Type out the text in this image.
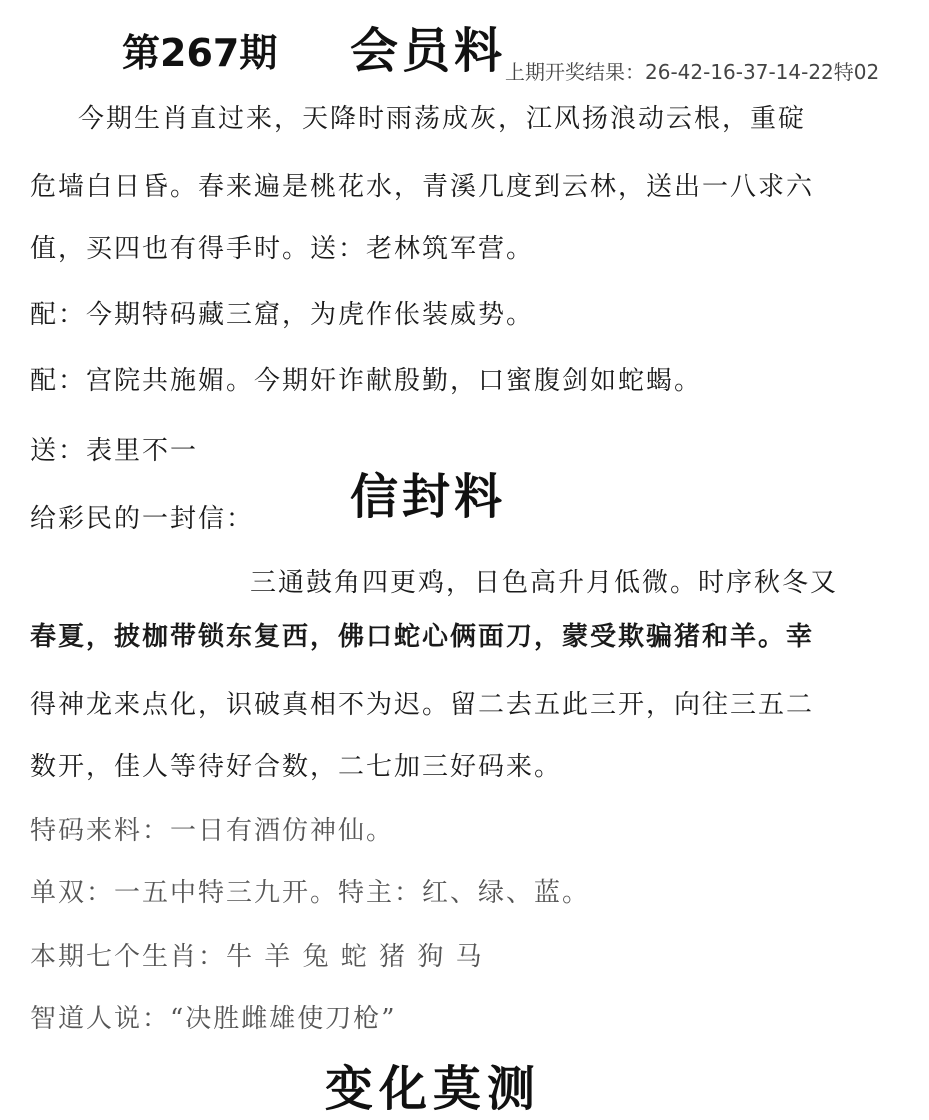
第267期 会员料
上期开奖结果：26-42-16-37-14-22特02
今期生肖直过来，天降时雨荡成灰，江风扬浪动云根，重碇
危墙白日昏。春来遍是桃花水，青溪几度到云林，送出一八求六
值，买四也有得手时。送：老林筑军营。
配：今期特码藏三窟，为虎作伥装威势。
配：宫院共施媚。今期奸诈献殷勤，口蜜腹剑如蛇蝎。
送：表里不一
给彩民的一封信： 信封料
三通鼓角四更鸡，日色高升月低微。时序秋冬又
春夏，披枷带锁东复西，佛口蛇心俩面刀，蒙受欺骗猪和羊。幸
得神龙来点化，识破真相不为迟。留二去五此三开，向往三五二
数开，佳人等待好合数，二七加三好码来。
特码来料：一日有酒仿神仙。
单双：一五中特三九开。特主：红、绿、蓝。
本期七个生肖：牛 羊 兔 蛇 猪 狗 马
智道人说：“决胜雌雄使刀枪”
变化莫测
